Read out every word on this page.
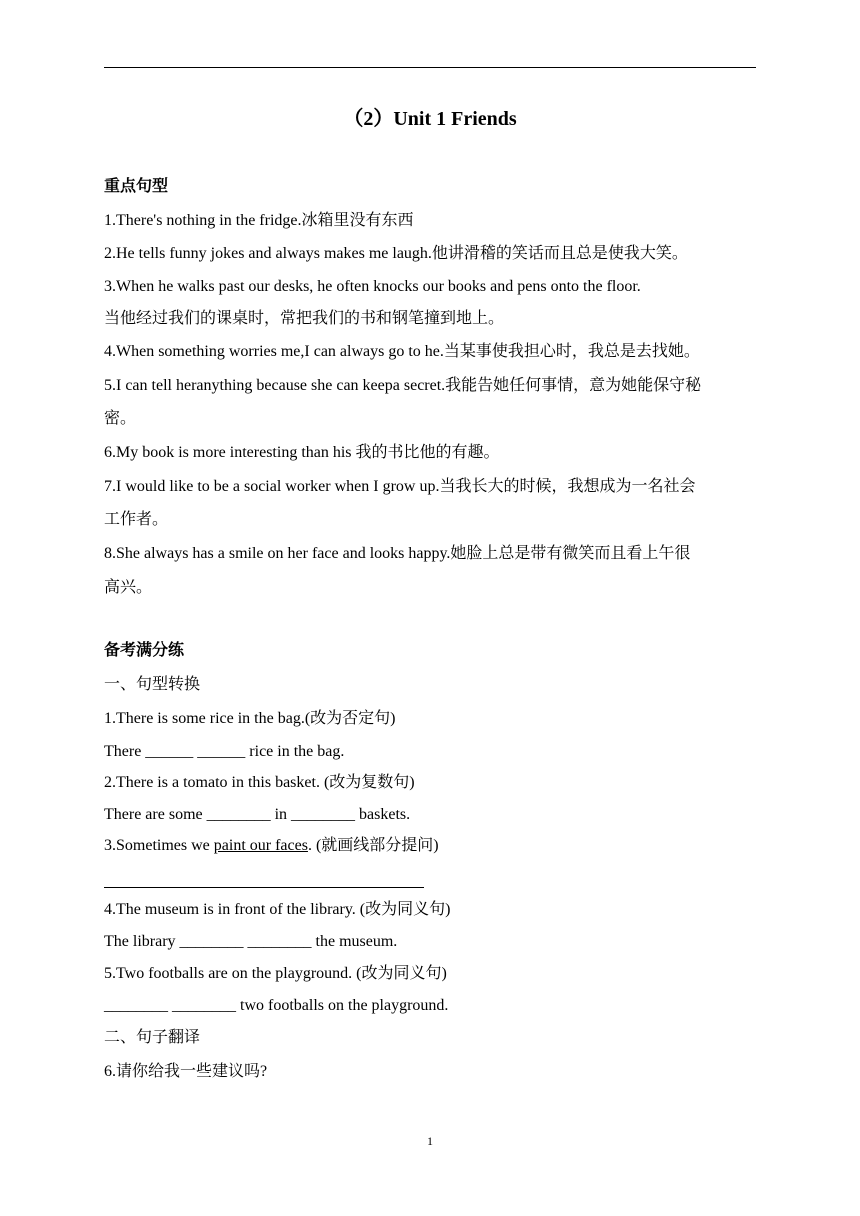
（2）Unit 1 Friends
重点句型
1.There's nothing in the fridge.冰箱里没有东西
2.He tells funny jokes and always makes me laugh.他讲滑稽的笑话而且总是使我大笑。
3.When he walks past our desks, he often knocks our books and pens onto the floor.
当他经过我们的课桌时，常把我们的书和钢笔撞到地上。
4.When something worries me,I can always go to he.当某事使我担心时，我总是去找她。
5.I can tell heranything because she can keepa secret.我能告她任何事情，意为她能保守秘
密。
6.My book is more interesting than his 我的书比他的有趣。
7.I would like to be a social worker when I grow up.当我长大的时候，我想成为一名社会
工作者。
8.She always has a smile on her face and looks happy.她脸上总是带有微笑而且看上午很
高兴。
备考满分练
一、句型转换
1.There is some rice in the bag.(改为否定句)
There ______ ______ rice in the bag.
2.There is a tomato in this basket. (改为复数句)
There are some ________ in ________ baskets.
3.Sometimes we paint our faces. (就画线部分提问)
4.The museum is in front of the library. (改为同义句)
The library ________ ________ the museum.
5.Two footballs are on the playground. (改为同义句)
________ ________ two footballs on the playground.
二、句子翻译
6.请你给我一些建议吗?
1
